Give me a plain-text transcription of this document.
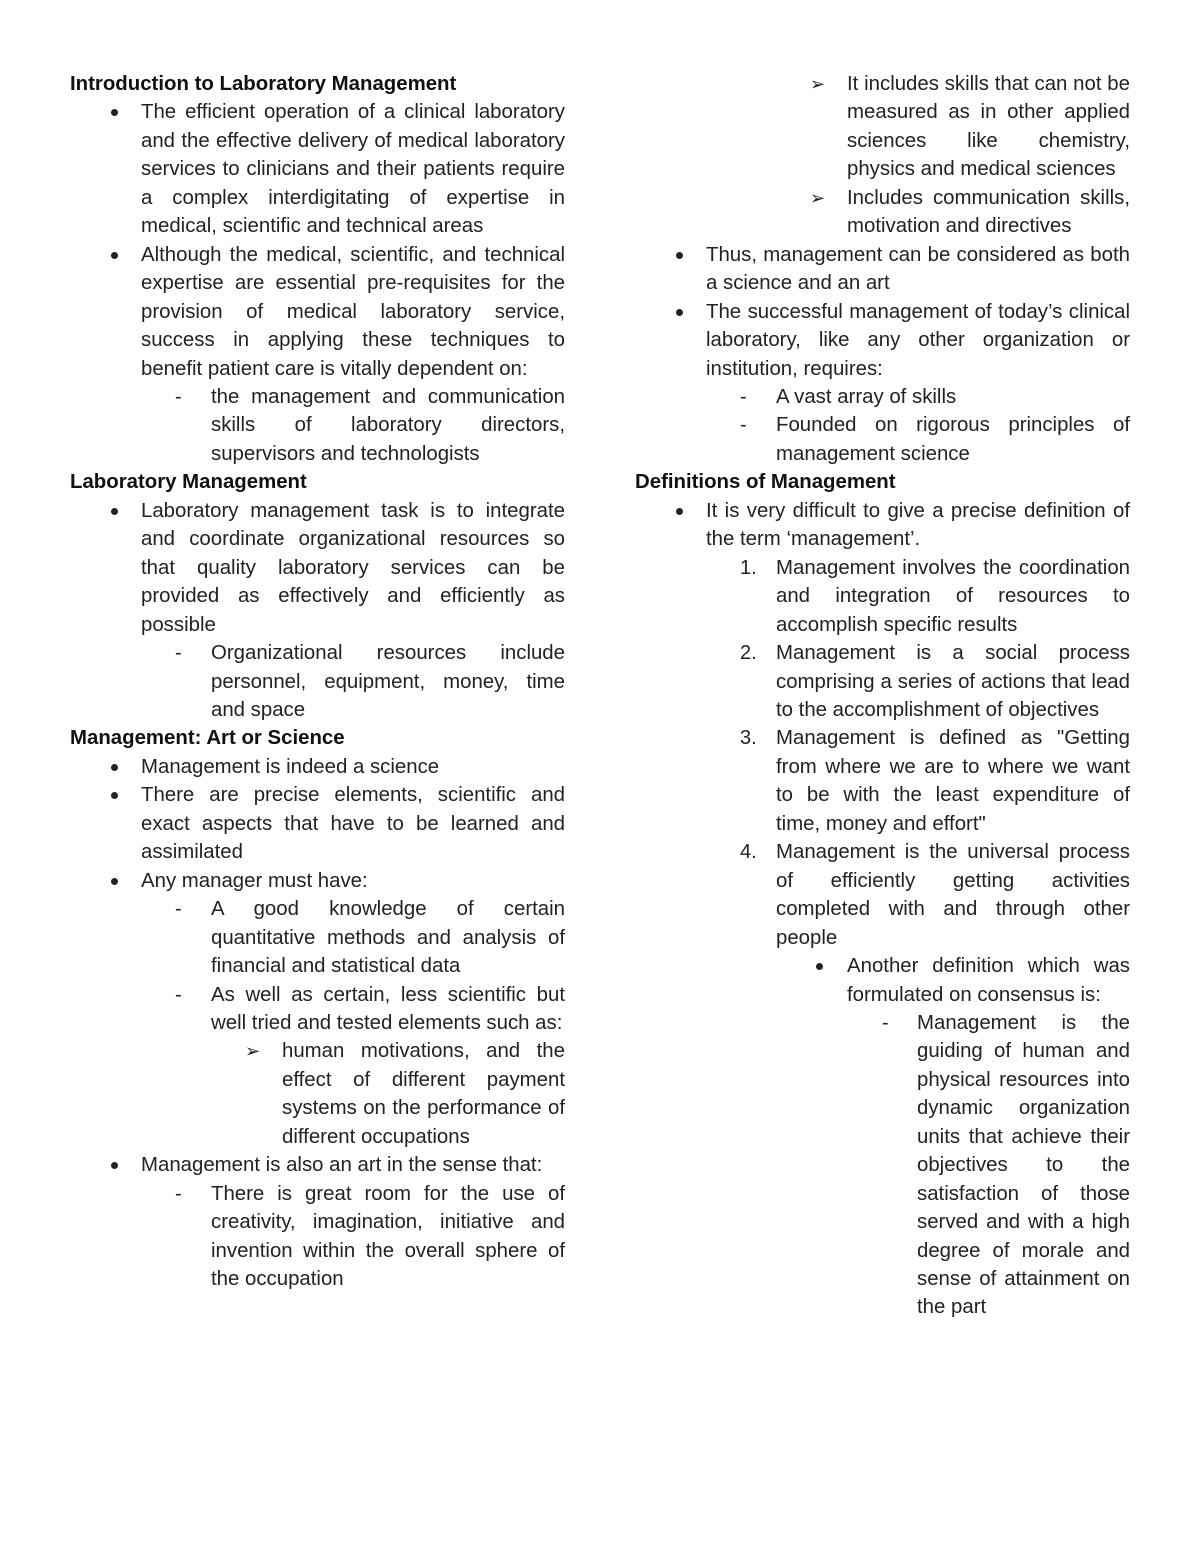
Introduction to Laboratory Management

The efficient operation of a clinical laboratory and the effective delivery of medical laboratory services to clinicians and their patients require a complex interdigitating of expertise in medical, scientific and technical areas
Although the medical, scientific, and technical expertise are essential pre-requisites for the provision of medical laboratory service, success in applying these techniques to benefit patient care is vitally dependent on:
- the management and communication skills of laboratory directors, supervisors and technologists

Laboratory Management

Laboratory management task is to integrate and coordinate organizational resources so that quality laboratory services can be provided as effectively and efficiently as possible
- Organizational resources include personnel, equipment, money, time and space

Management: Art or Science

Management is indeed a science
There are precise elements, scientific and exact aspects that have to be learned and assimilated
Any manager must have:
- A good knowledge of certain quantitative methods and analysis of financial and statistical data
- As well as certain, less scientific but well tried and tested elements such as:
➢ human motivations, and the effect of different payment systems on the performance of different occupations
Management is also an art in the sense that:
- There is great room for the use of creativity, imagination, initiative and invention within the overall sphere of the occupation
➢ It includes skills that can not be measured as in other applied sciences like chemistry, physics and medical sciences
➢ Includes communication skills, motivation and directives
Thus, management can be considered as both a science and an art
The successful management of today’s clinical laboratory, like any other organization or institution, requires:
- A vast array of skills
- Founded on rigorous principles of management science

Definitions of Management

It is very difficult to give a precise definition of the term ‘management’.
1. Management involves the coordination and integration of resources to accomplish specific results
2. Management is a social process comprising a series of actions that lead to the accomplishment of objectives
3. Management is defined as "Getting from where we are to where we want to be with the least expenditure of time, money and effort"
4. Management is the universal process of efficiently getting activities completed with and through other people
Another definition which was formulated on consensus is:
- Management is the guiding of human and physical resources into dynamic organization units that achieve their objectives to the satisfaction of those served and with a high degree of morale and sense of attainment on the part
